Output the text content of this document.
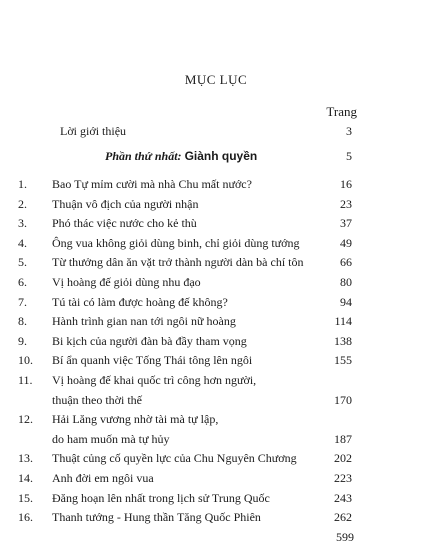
MỤC LỤC
Trang
Lời giới thiệu	3
Phần thứ nhất: Giành quyền	5
1.	Bao Tự mỉm cười mà nhà Chu mất nước?	16
2.	Thuận vô địch của người nhận	23
3.	Phó thác việc nước cho kẻ thù	37
4.	Ông vua không giỏi dùng binh, chỉ giỏi dùng tướng	49
5.	Từ thưởng dân ăn vặt trở thành người dàn bà chí tôn	66
6.	Vị hoàng đế giỏi dùng nhu đạo	80
7.	Tú tài có làm được hoàng đế không?	94
8.	Hành trình gian nan tới ngôi nữ hoàng	114
9.	Bi kịch của người đàn bà đầy tham vọng	138
10.	Bí ẩn quanh việc Tống Thái tông lên ngôi	155
11.	Vị hoàng đế khai quốc trì công hơn người,
thuận theo thời thế	170
12.	Hải Lăng vương nhờ tài mà tự lập,
do ham muốn mà tự hủy	187
13.	Thuật củng cố quyền lực của Chu Nguyên Chương	202
14.	Anh đời em ngôi vua	223
15.	Đăng hoạn lên nhất trong lịch sử Trung Quốc	243
16.	Thanh tướng - Hung thần Tăng Quốc Phiên	262
599
